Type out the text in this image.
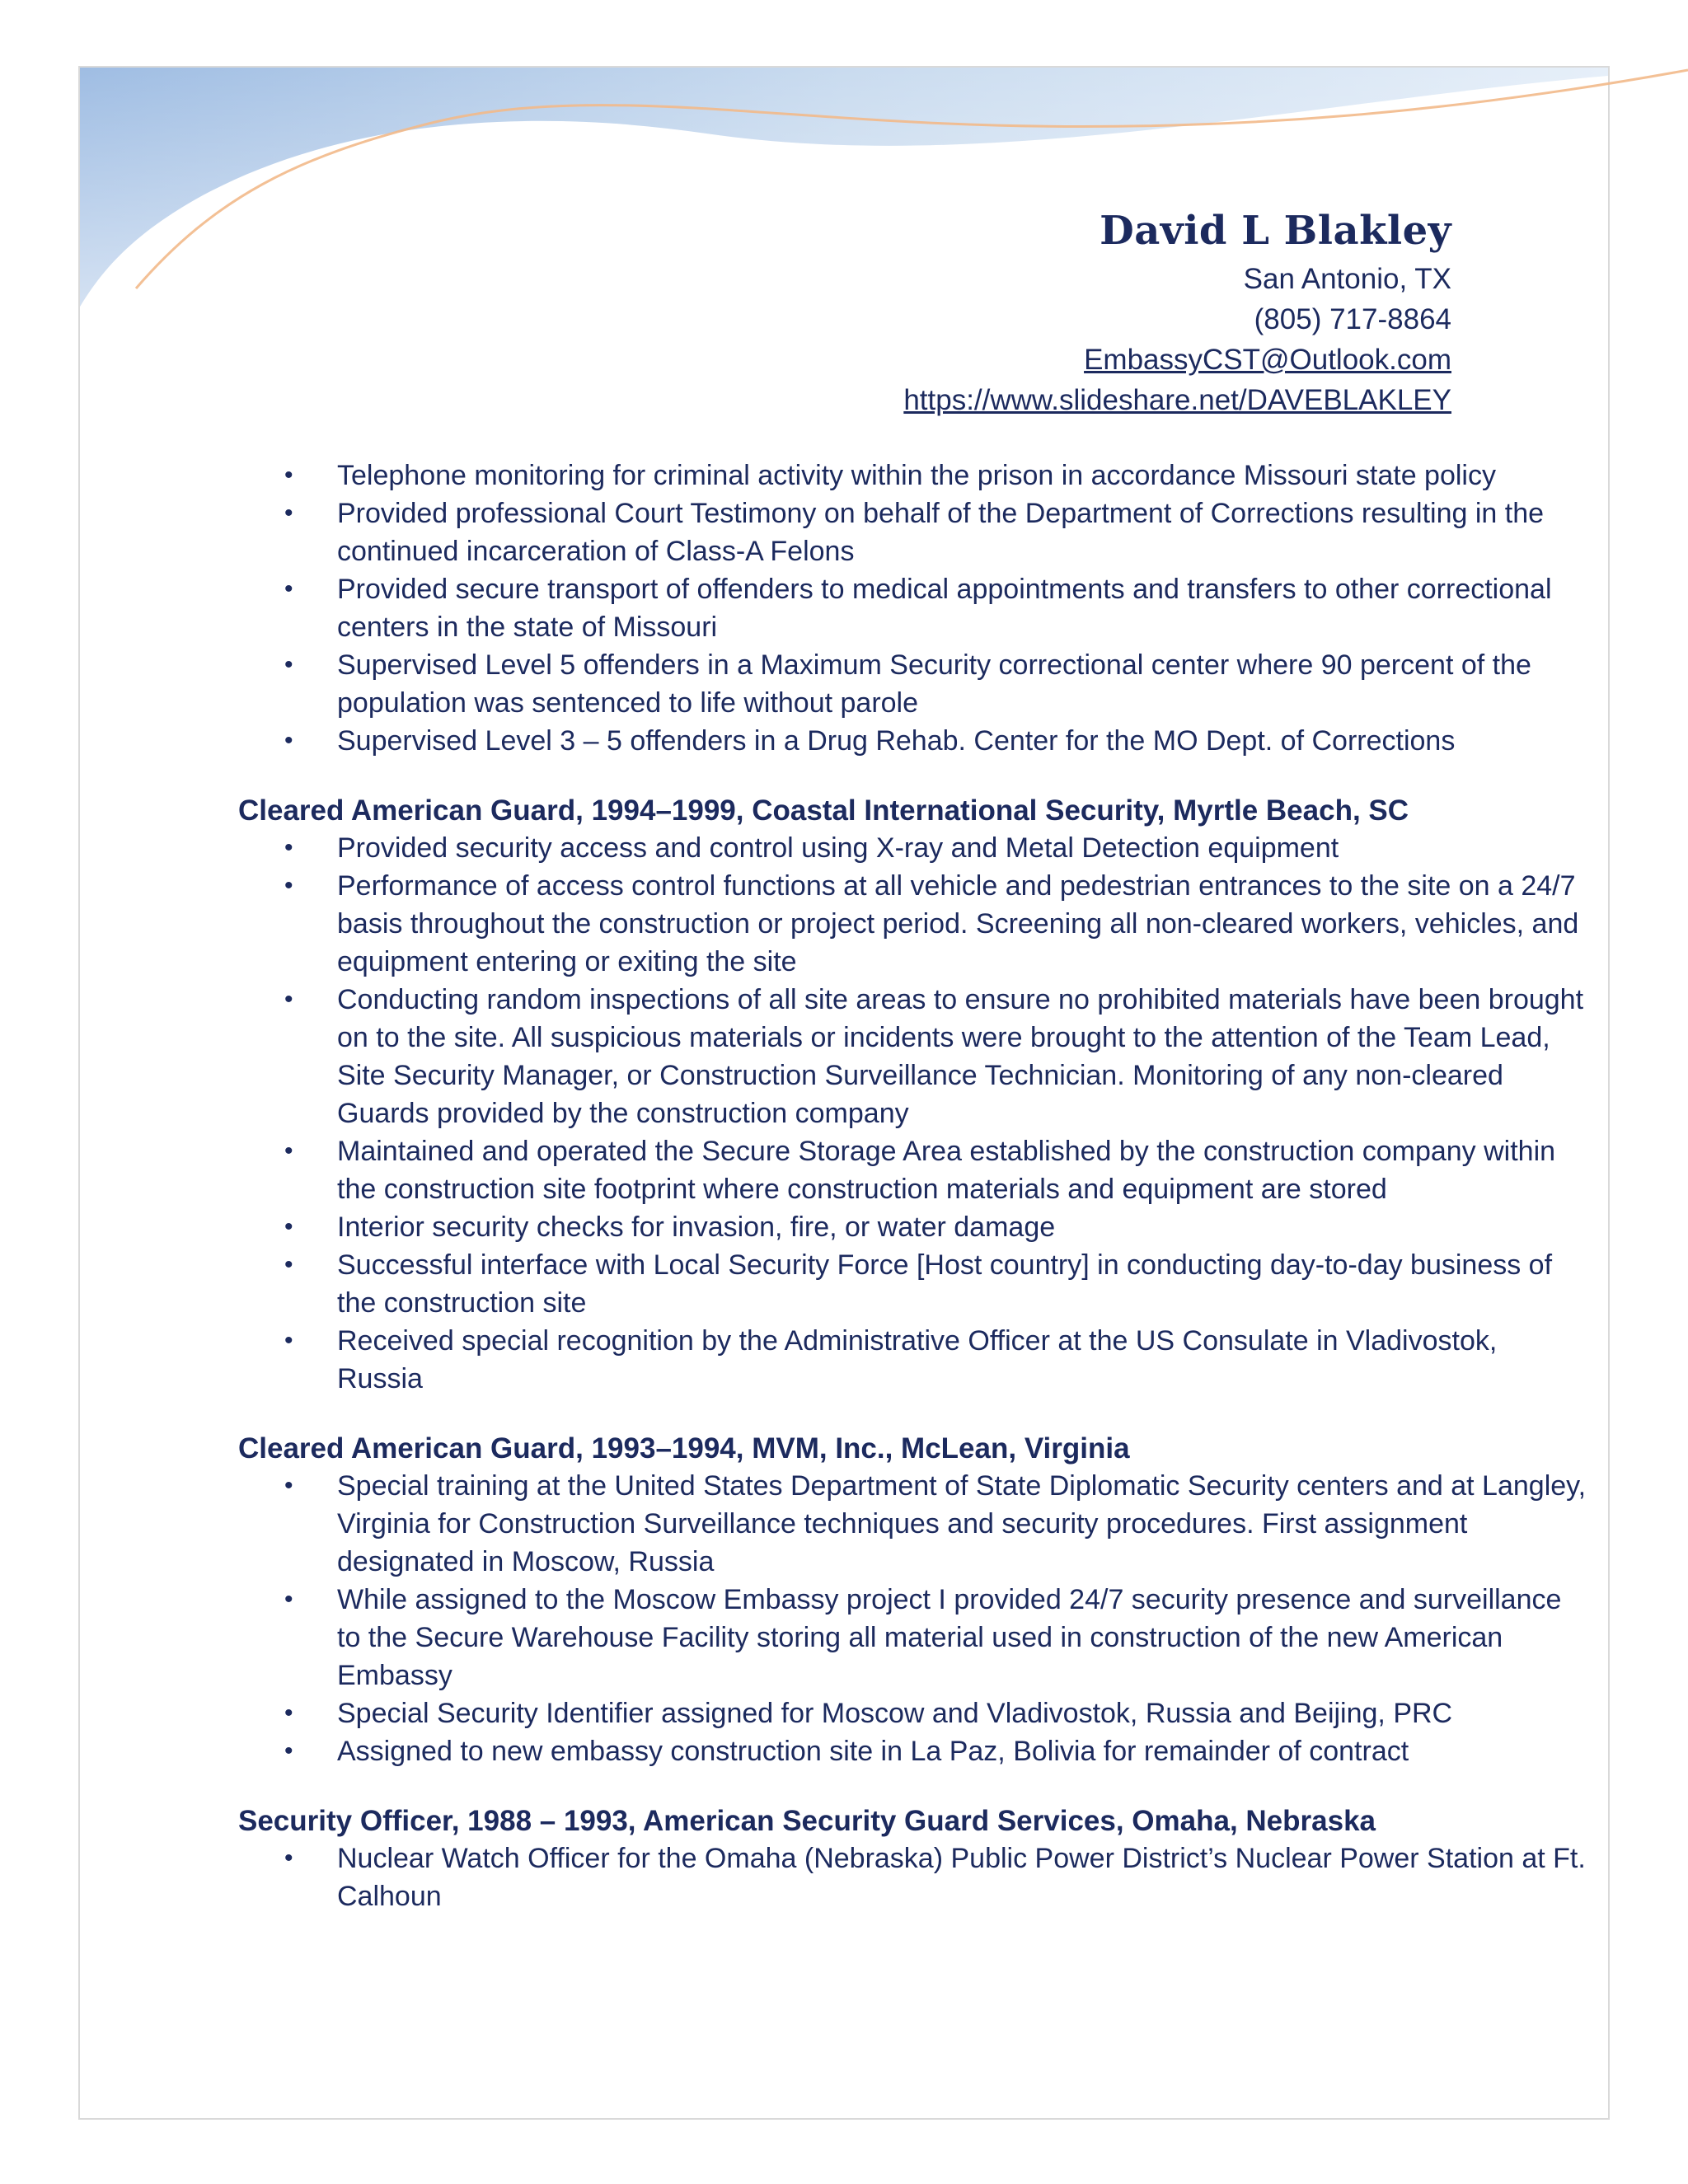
David L Blakley
San Antonio, TX
(805) 717-8864
EmbassyCST@Outlook.com
https://www.slideshare.net/DAVEBLAKLEY
• Telephone monitoring for criminal activity within the prison in accordance Missouri state policy
• Provided professional Court Testimony on behalf of the Department of Corrections resulting in the continued incarceration of Class-A Felons
• Provided secure transport of offenders to medical appointments and transfers to other correctional centers in the state of Missouri
• Supervised Level 5 offenders in a Maximum Security correctional center where 90 percent of the population was sentenced to life without parole
• Supervised Level 3 – 5 offenders in a Drug Rehab. Center for the MO Dept. of Corrections
Cleared American Guard, 1994–1999, Coastal International Security, Myrtle Beach, SC
• Provided security access and control using X-ray and Metal Detection equipment
• Performance of access control functions at all vehicle and pedestrian entrances to the site on a 24/7 basis throughout the construction or project period. Screening all non-cleared workers, vehicles, and equipment entering or exiting the site
• Conducting random inspections of all site areas to ensure no prohibited materials have been brought on to the site. All suspicious materials or incidents were brought to the attention of the Team Lead, Site Security Manager, or Construction Surveillance Technician. Monitoring of any non-cleared Guards provided by the construction company
• Maintained and operated the Secure Storage Area established by the construction company within the construction site footprint where construction materials and equipment are stored
• Interior security checks for invasion, fire, or water damage
• Successful interface with Local Security Force [Host country] in conducting day-to-day business of the construction site
• Received special recognition by the Administrative Officer at the US Consulate in Vladivostok, Russia
Cleared American Guard, 1993–1994, MVM, Inc., McLean, Virginia
• Special training at the United States Department of State Diplomatic Security centers and at Langley, Virginia for Construction Surveillance techniques and security procedures. First assignment designated in Moscow, Russia
• While assigned to the Moscow Embassy project I provided 24/7 security presence and surveillance to the Secure Warehouse Facility storing all material used in construction of the new American Embassy
• Special Security Identifier assigned for Moscow and Vladivostok, Russia and Beijing, PRC
• Assigned to new embassy construction site in La Paz, Bolivia for remainder of contract
Security Officer, 1988 – 1993, American Security Guard Services, Omaha, Nebraska
• Nuclear Watch Officer for the Omaha (Nebraska) Public Power District’s Nuclear Power Station at Ft. Calhoun
